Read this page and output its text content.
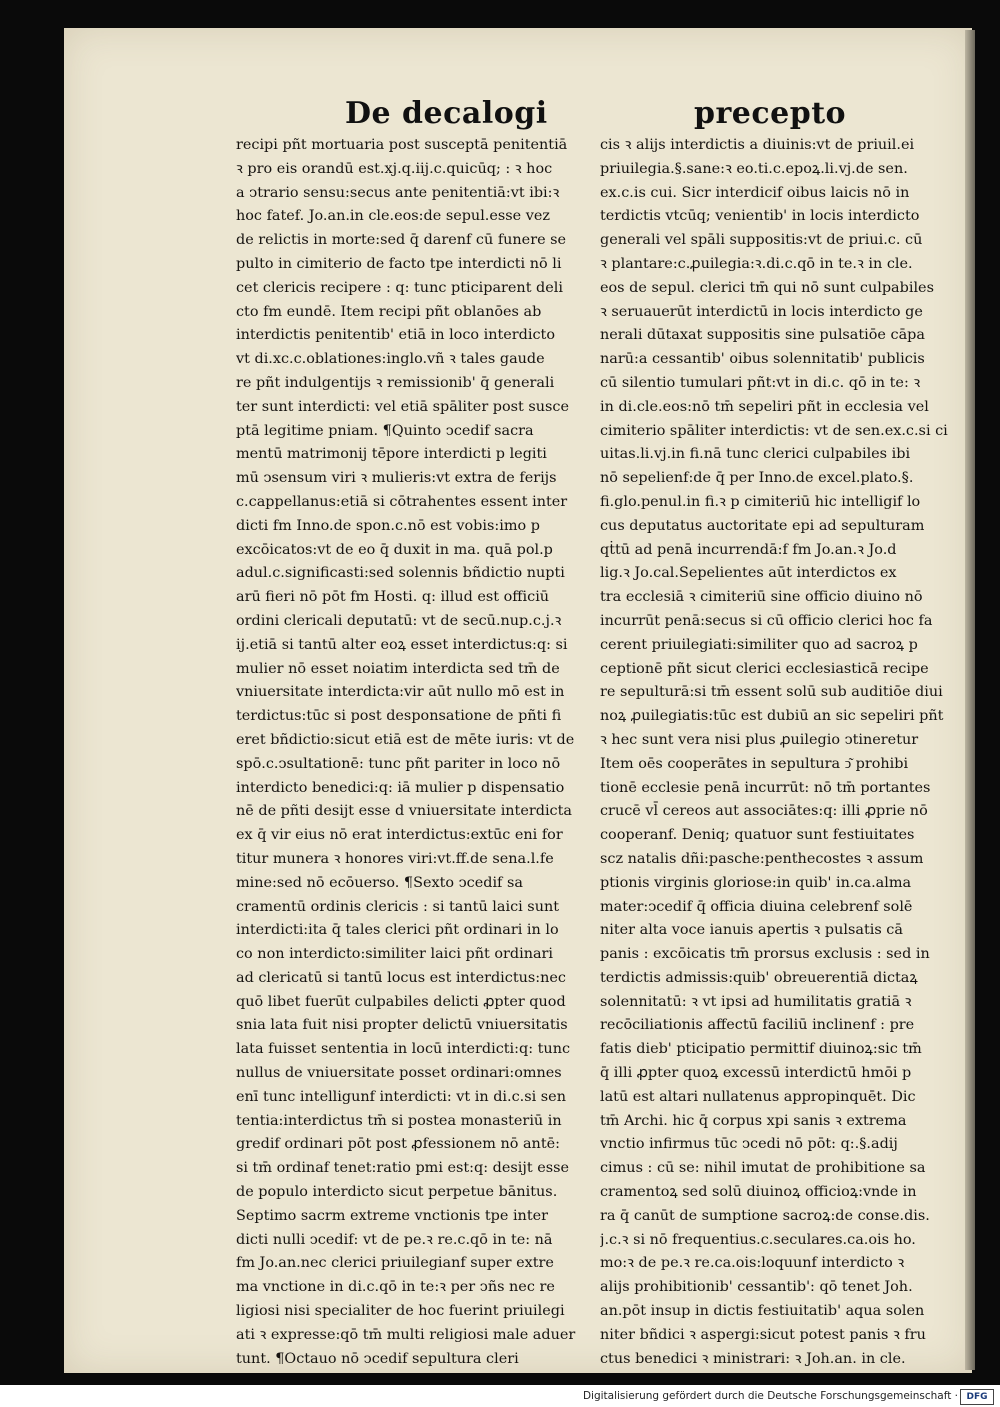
De decalogi	precepto
recipi pñt mortuaria post susceptā penitentiā
ꝛ pro eis orandū est.xj.q.iij.c.quicūq; : ꝛ hoc
a ↄtrario sensu:secus ante penitentiā:vt ibi:ꝛ
hoc fatef. Jo.an.in cle.eos:de sepul.esse vez
de relictis in morte:sed q̄ darenf cū funere se
pulto in cimiterio de facto tpe interdicti nō li
cet clericis recipere : q: tunc pticiparent deli
cto fm eundē. Item recipi pñt oblanōes ab
interdictis penitentib' etiā in loco interdicto
vt di.xc.c.oblationes:inglo.vñ ꝛ tales gaude
re pñt indulgentijs ꝛ remissionib' q̄ generali
ter sunt interdicti: vel etiā spāliter post susce
ptā legitime pniam. ¶Quinto ↄcedif sacra
mentū matrimonij tēpore interdicti p legiti
mū ↄsensum viri ꝛ mulieris:vt extra de ferijs
c.cappellanus:etiā si cōtrahentes essent inter
dicti fm Inno.de spon.c.nō est vobis:imo p
excōicatos:vt de eo q̄ duxit in ma. quā pol.p
adul.c.significasti:sed solennis bñdictio nupti
arū fieri nō pōt fm Hosti. q: illud est officiū
ordini clericali deputatū: vt de secū.nup.c.j.ꝛ
ij.etiā si tantū alter eoꝝ esset interdictus:q: si
mulier nō esset noiatim interdicta sed tm̄ de
vniuersitate interdicta:vir aūt nullo mō est in
terdictus:tūc si post desponsatione de pñti fi
eret bñdictio:sicut etiā est de mēte iuris: vt de
spō.c.ↄsultationē: tunc pñt pariter in loco nō
interdicto benedici:q: iā mulier p dispensatio
nē de pñti desijt esse d vniuersitate interdicta
ex q̄ vir eius nō erat interdictus:extūc eni for
titur munera ꝛ honores viri:vt.ff.de sena.l.fe
mine:sed nō ecōuerso. ¶Sexto ↄcedif sa
cramentū ordinis clericis : si tantū laici sunt
interdicti:ita q̄ tales clerici pñt ordinari in lo
co non interdicto:similiter laici pñt ordinari
ad clericatū si tantū locus est interdictus:nec
quō libet fuerūt culpabiles delicti ꝓpter quod
snia lata fuit nisi propter delictū vniuersitatis
lata fuisset sententia in locū interdicti:q: tunc
nullus de vniuersitate posset ordinari:omnes
enī tunc intelligunf interdicti: vt in di.c.si sen
tentia:interdictus tm̄ si postea monasteriū in
gredif ordinari pōt post ꝓfessionem nō antē:
si tm̄ ordinaf tenet:ratio pmi est:q: desijt esse
de populo interdicto sicut perpetue bānitus.
Septimo sacrm extreme vnctionis tpe inter
dicti nulli ↄcedif: vt de pe.ꝛ re.c.qō in te: nā
fm Jo.an.nec clerici priuilegianf super extre
ma vnctione in di.c.qō in te:ꝛ per ↄñs nec re
ligiosi nisi specialiter de hoc fuerint priuilegi
ati ꝛ expresse:qō tm̄ multi religiosi male aduer
tunt. ¶Octauo nō ↄcedif sepultura cleri
cis ꝛ alijs interdictis a diuinis:vt de priuil.ei
priuilegia.§.sane:ꝛ eo.ti.c.epoꝝ.li.vj.de sen.
ex.c.is cui. Sicr interdicif oibus laicis nō in
terdictis vtcūq; venientib' in locis interdicto
generali vel spāli suppositis:vt de priui.c. cū
ꝛ plantare:c.ꝓuilegia:ꝛ.di.c.qō in te.ꝛ in cle.
eos de sepul. clerici tm̄ qui nō sunt culpabiles
ꝛ seruauerūt interdictū in locis interdicto ge
nerali dūtaxat suppositis sine pulsatiōe cāpa
narū:a cessantib' oibus solennitatib' publicis
cū silentio tumulari pñt:vt in di.c. qō in te: ꝛ
in di.cle.eos:nō tm̄ sepeliri pñt in ecclesia vel
cimiterio spāliter interdictis: vt de sen.ex.c.si ci
uitas.li.vj.in fi.nā tunc clerici culpabiles ibi
nō sepelienf:de q̄ per Inno.de excel.plato.§.
fi.glo.penul.in fi.ꝛ p cimiteriū hic intelligif lo
cus deputatus auctoritate epi ad sepulturam
qṫtū ad penā incurrendā:f fm Jo.an.ꝛ Jo.d
lig.ꝛ Jo.cal.Sepelientes aūt interdictos ex
tra ecclesiā ꝛ cimiteriū sine officio diuino nō
incurrūt penā:secus si cū officio clerici hoc fa
cerent priuilegiati:similiter quo ad sacroꝝ p
ceptionē pñt sicut clerici ecclesiasticā recipe
re sepulturā:si tm̄ essent solū sub auditiōe diui
noꝝ ꝓuilegiatis:tūc est dubiū an sic sepeliri pñt
ꝛ hec sunt vera nisi plus ꝓuilegio ↄtineretur
Item oēs cooperātes in sepultura ↄ͂ prohibi
tionē ecclesie penā incurrūt: nō tm̄ portantes
crucē vl̄ cereos aut associātes:q: illi ꝓprie nō
cooperanf. Deniq; quatuor sunt festiuitates
scz natalis dñi:pasche:penthecostes ꝛ assum
ptionis virginis gloriose:in quib' in.ca.alma
mater:ↄcedif q̄ officia diuina celebrenf solē
niter alta voce ianuis apertis ꝛ pulsatis cā
panis : excōicatis tm̄ prorsus exclusis : sed in
terdictis admissis:quib' obreuerentiā dictaꝝ
solennitatū: ꝛ vt ipsi ad humilitatis gratiā ꝛ
recōciliationis affectū faciliū inclinenf : pre
fatis dieb' pticipatio permittif diuinoꝝ:sic tm̄
q̄ illi ꝓpter quoꝝ excessū interdictū hmōi p
latū est altari nullatenus appropinquēt. Dic
tm̄ Archi. hic q̄ corpus xpi sanis ꝛ extrema
vnctio infirmus tūc ↄcedi nō pōt: q:.§.adij
cimus : cū se: nihil imutat de prohibitione sa
cramentoꝝ sed solū diuinoꝝ officioꝝ:vnde in
ra q̄ canūt de sumptione sacroꝝ:de conse.dis.
j.c.ꝛ si nō frequentius.c.seculares.ca.ois ho.
mo:ꝛ de pe.ꝛ re.ca.ois:loquunf interdicto ꝛ
alijs prohibitionib' cessantib': qō tenet Joh.
an.pōt insup in dictis festiuitatib' aqua solen
niter bñdici ꝛ aspergi:sicut potest panis ꝛ fru
ctus benedici ꝛ ministrari: ꝛ Joh.an. in cle.
Digitalisierung gefördert durch die Deutsche Forschungsgemeinschaft · DFG
